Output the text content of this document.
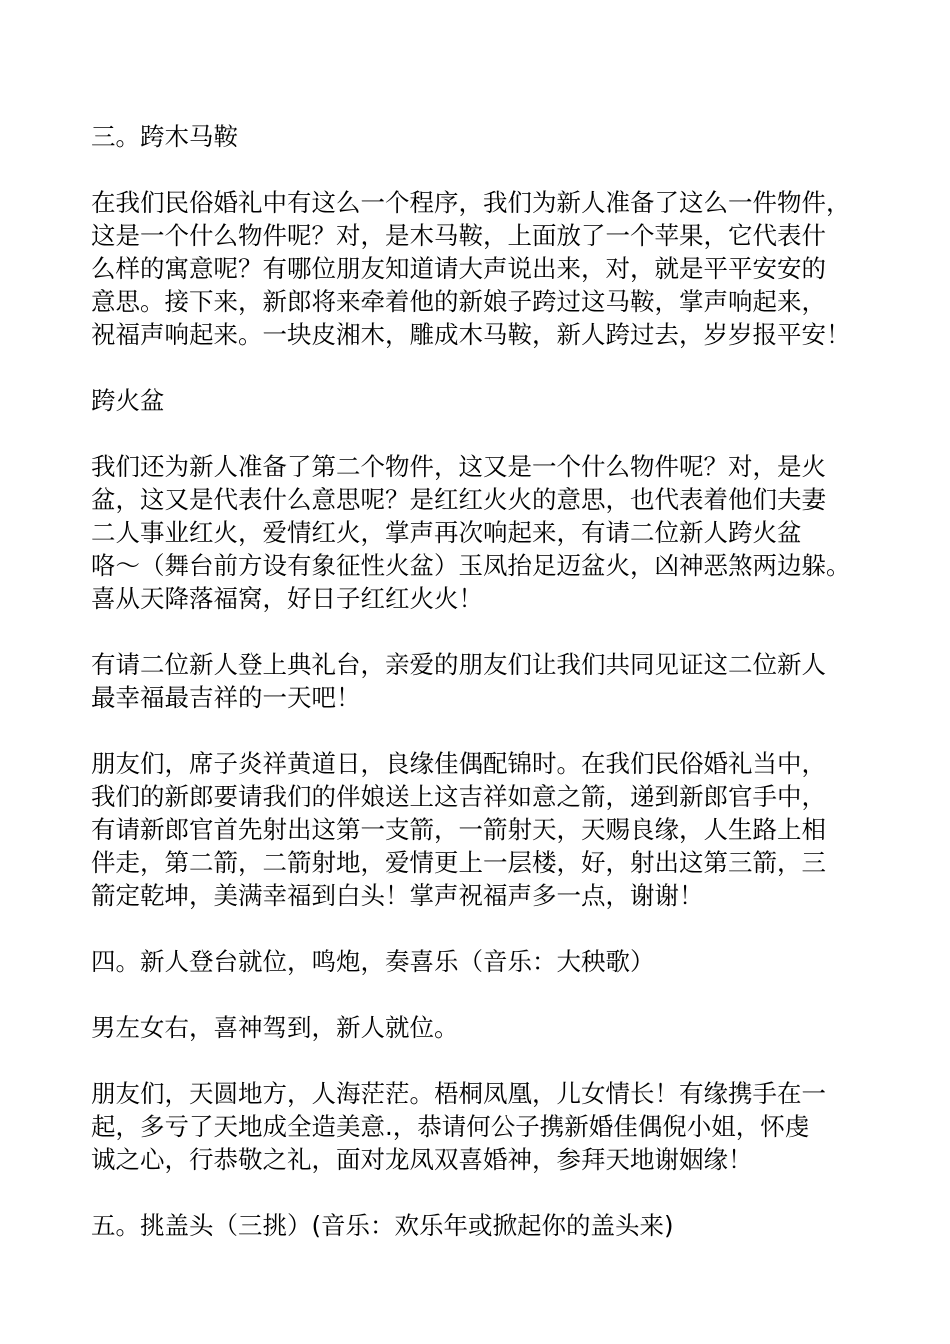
三。跨木马鞍

在我们民俗婚礼中有这么一个程序，我们为新人准备了这么一件物件，
这是一个什么物件呢？对，是木马鞍，上面放了一个苹果，它代表什
么样的寓意呢？有哪位朋友知道请大声说出来，对，就是平平安安的
意思。接下来，新郎将来牵着他的新娘子跨过这马鞍，掌声响起来，
祝福声响起来。一块皮湘木，雕成木马鞍，新人跨过去，岁岁报平安！

跨火盆

我们还为新人准备了第二个物件，这又是一个什么物件呢？对，是火
盆，这又是代表什么意思呢？是红红火火的意思，也代表着他们夫妻
二人事业红火，爱情红火，掌声再次响起来，有请二位新人跨火盆
咯～（舞台前方设有象征性火盆）玉凤抬足迈盆火，凶神恶煞两边躲。
喜从天降落福窝，好日子红红火火！

有请二位新人登上典礼台，亲爱的朋友们让我们共同见证这二位新人
最幸福最吉祥的一天吧！

朋友们，席子炎祥黄道日，良缘佳偶配锦时。在我们民俗婚礼当中，
我们的新郎要请我们的伴娘送上这吉祥如意之箭，递到新郎官手中，
有请新郎官首先射出这第一支箭，一箭射天，天赐良缘，人生路上相
伴走，第二箭，二箭射地，爱情更上一层楼，好，射出这第三箭，三
箭定乾坤，美满幸福到白头！掌声祝福声多一点，谢谢！

四。新人登台就位，鸣炮，奏喜乐（音乐：大秧歌）

男左女右，喜神驾到，新人就位。

朋友们，天圆地方，人海茫茫。梧桐凤凰，儿女情长！有缘携手在一
起，多亏了天地成全造美意.，恭请何公子携新婚佳偶倪小姐，怀虔
诚之心，行恭敬之礼，面对龙凤双喜婚神，参拜天地谢姻缘！

五。挑盖头（三挑）(音乐：欢乐年或掀起你的盖头来)
